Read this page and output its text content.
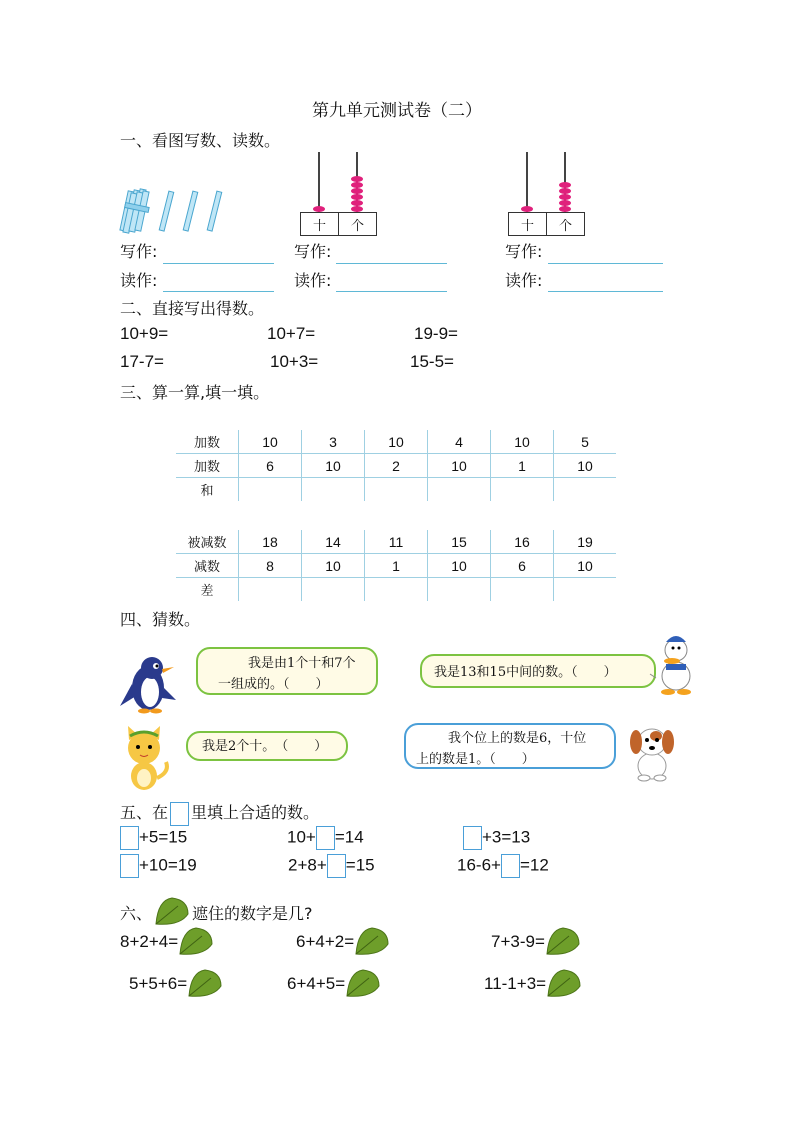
第九单元测试卷（二）
一、看图写数、读数。
十	个	十	个
写作:	写作:	写作:
读作:	读作:	读作:
二、直接写出得数。
10+9=	10+7=	19-9=
17-7=	10+3=	15-5=
三、算一算,填一填。
加数	10	3	10	4	10	5
加数	6	10	2	10	1	10
和						
被减数	18	14	11	15	16	19
减数	8	10	1	10	6	10
差						
四、猜数。
我是由1个十和7个
一组成的。（　　）
我是13和15中间的数。（　　）
我是2个十。　（　　）
我个位上的数是6，十位
上的数是1。（　　）
五、在 里填上合适的数。
+5=15	10+ =14	+3=13
+10=19	2+8+ =15	16-6+ =12
六、	遮住的数字是几?
8+2+4=	6+4+2=	7+3-9=
5+5+6=	6+4+5=	11-1+3=
